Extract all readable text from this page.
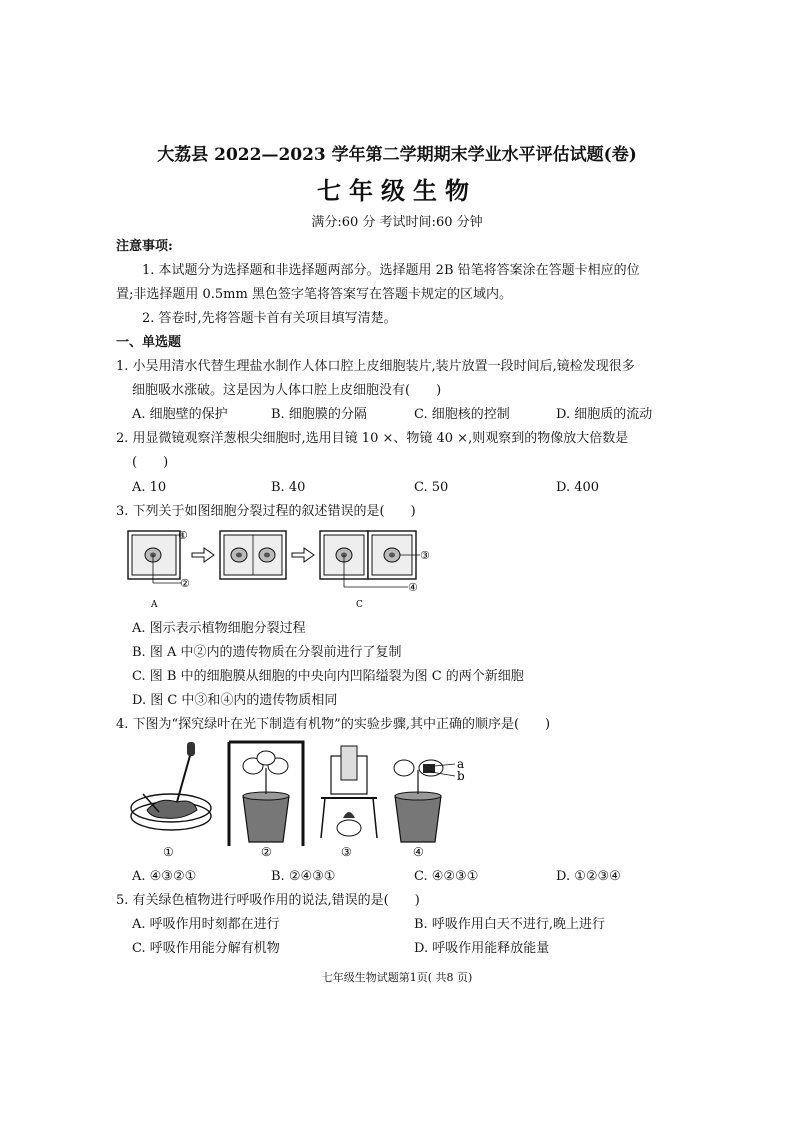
大荔县 2022—2023 学年第二学期期末学业水平评估试题(卷)
七年级生物
满分:60 分 考试时间:60 分钟
注意事项:
1. 本试题分为选择题和非选择题两部分。选择题用 2B 铅笔将答案涂在答题卡相应的位
置;非选择题用 0.5mm 黑色签字笔将答案写在答题卡规定的区域内。
2. 答卷时,先将答题卡首有关项目填写清楚。
一、单选题
1. 小吴用清水代替生理盐水制作人体口腔上皮细胞装片,装片放置一段时间后,镜检发现很多
细胞吸水涨破。这是因为人体口腔上皮细胞没有(　　)
A. 细胞壁的保护	B. 细胞膜的分隔	C. 细胞核的控制	D. 细胞质的流动
2. 用显微镜观察洋葱根尖细胞时,选用目镜 10 ×、物镜 40 ×,则观察到的物像放大倍数是
(　　)
A. 10	B. 40	C. 50	D. 400
3. 下列关于如图细胞分裂过程的叙述错误的是(　　)
①
②
A
③
④
C
A. 图示表示植物细胞分裂过程
B. 图 A 中②内的遗传物质在分裂前进行了复制
C. 图 B 中的细胞膜从细胞的中央向内凹陷缢裂为图 C 的两个新细胞
D. 图 C 中③和④内的遗传物质相同
4. 下图为“探究绿叶在光下制造有机物”的实验步骤,其中正确的顺序是(　　)
①	②	③
a
b
④
A. ④③②①	B. ②④③①	C. ④②③①	D. ①②③④
5. 有关绿色植物进行呼吸作用的说法,错误的是(　　)
A. 呼吸作用时刻都在进行	B. 呼吸作用白天不进行,晚上进行
C. 呼吸作用能分解有机物	D. 呼吸作用能释放能量
七年级生物试题第1页( 共8 页)
